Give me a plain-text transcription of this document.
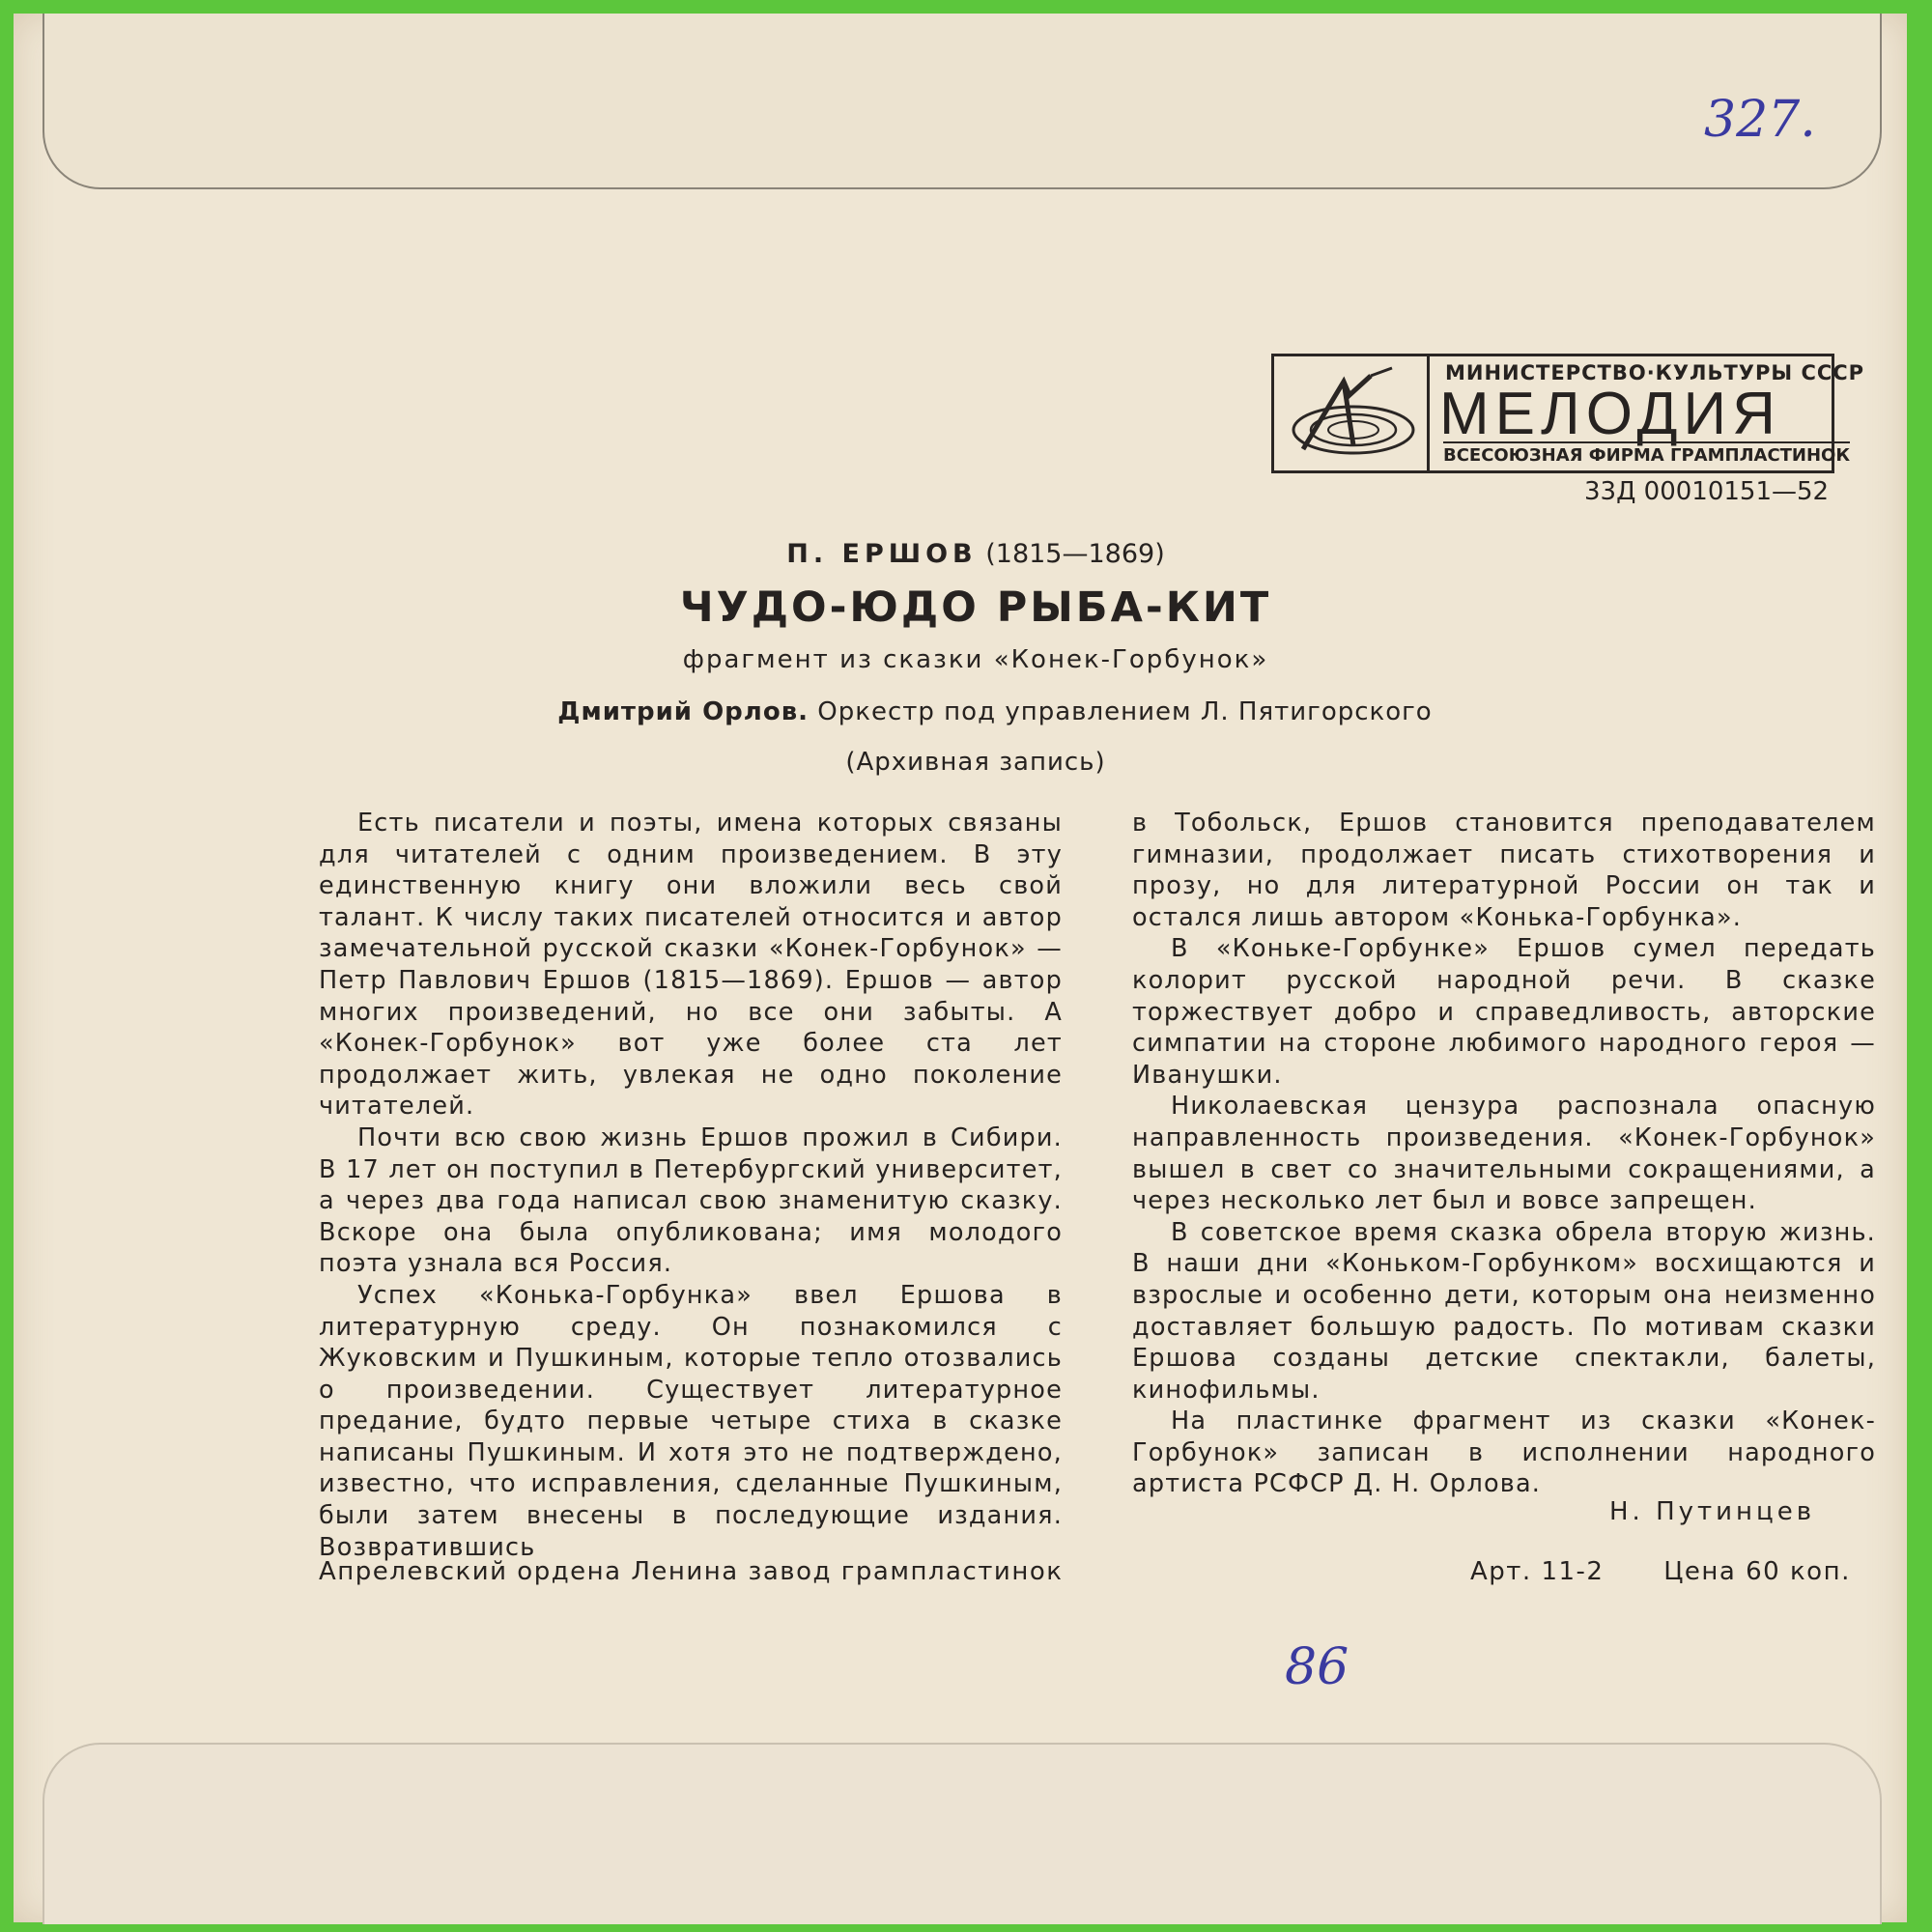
327.
МИНИСТЕРСТВО·КУЛЬТУРЫ СССР
МЕЛОДИЯ
ВСЕСОЮЗНАЯ ФИРМА ГРАМПЛАСТИНОК
33Д 00010151—52
П. ЕРШОВ (1815—1869)
ЧУДО-ЮДО РЫБА-КИТ
фрагмент из сказки «Конек-Горбунок»
Дмитрий Орлов. Оркестр под управлением Л. Пятигорского
(Архивная запись)

Есть писатели и поэты, имена которых связаны для читателей с одним произведением. В эту единственную книгу они вложили весь свой талант. К числу таких писателей относится и автор замечательной русской сказки «Конек-Горбунок» — Петр Павлович Ершов (1815—1869). Ершов — автор многих произведений, но все они забыты. А «Конек-Горбунок» вот уже более ста лет продолжает жить, увлекая не одно поколение читателей.

Почти всю свою жизнь Ершов прожил в Сибири. В 17 лет он поступил в Петербургский университет, а через два года написал свою знаменитую сказку. Вскоре она была опубликована; имя молодого поэта узнала вся Россия.

Успех «Конька-Горбунка» ввел Ершова в литературную среду. Он познакомился с Жуковским и Пушкиным, которые тепло отозвались о произведении. Существует литературное предание, будто первые четыре стиха в сказке написаны Пушкиным. И хотя это не подтверждено, известно, что исправления, сделанные Пушкиным, были затем внесены в последующие издания. Возвратившись

в Тобольск, Ершов становится преподавателем гимназии, продолжает писать стихотворения и прозу, но для литературной России он так и остался лишь автором «Конька-Горбунка».

В «Коньке-Горбунке» Ершов сумел передать колорит русской народной речи. В сказке торжествует добро и справедливость, авторские симпатии на стороне любимого народного героя — Иванушки.

Николаевская цензура распознала опасную направленность произведения. «Конек-Горбунок» вышел в свет со значительными сокращениями, а через несколько лет был и вовсе запрещен.

В советское время сказка обрела вторую жизнь. В наши дни «Коньком-Горбунком» восхищаются и взрослые и особенно дети, которым она неизменно доставляет большую радость. По мотивам сказки Ершова созданы детские спектакли, балеты, кинофильмы.

На пластинке фрагмент из сказки «Конек-Горбунок» записан в исполнении народного артиста РСФСР Д. Н. Орлова.

Н. Путинцев
Апрелевский ордена Ленина завод грампластинок	Арт. 11-2 Цена 60 коп.
86
